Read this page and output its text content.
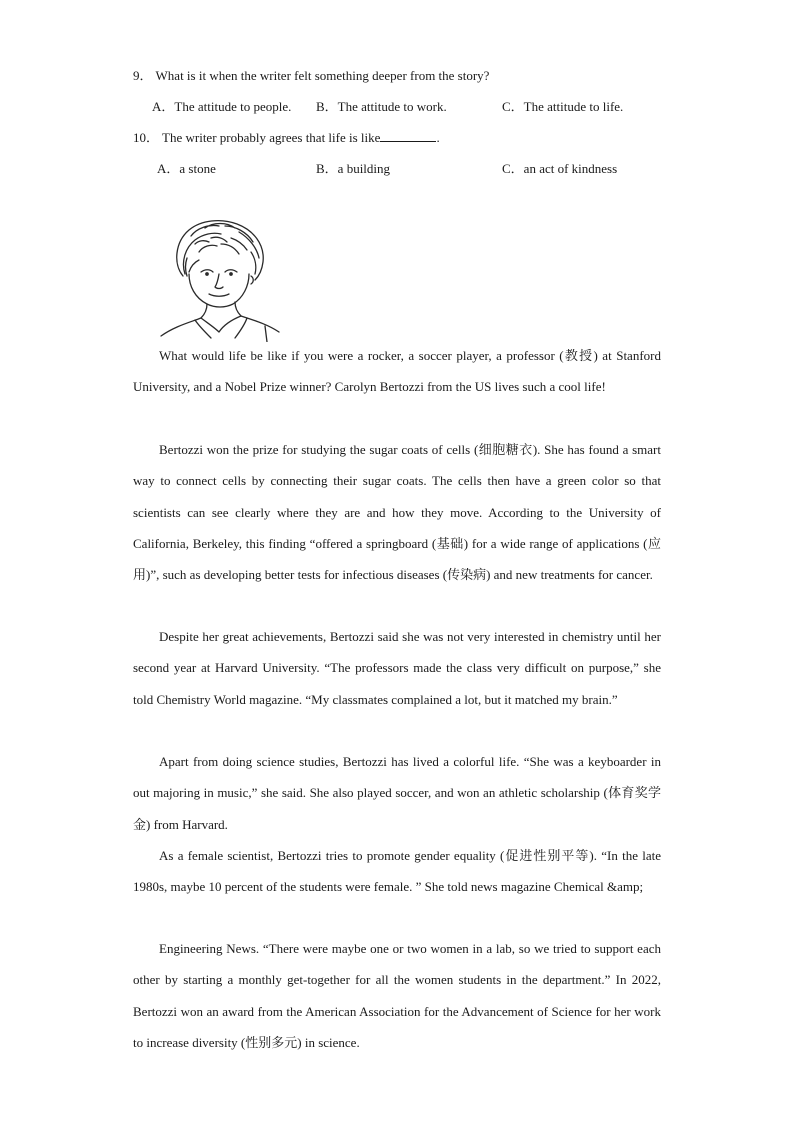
9． What is it when the writer felt something deeper from the story?
A．The attitude to people. B．The attitude to work.	C．The attitude to life.
10． The writer probably agrees that life is like	.
A．a stone	B．a building	C．an act of kindness

What would life be like if you were a rocker, a soccer player, a professor (教授) at Stanford University, and a Nobel Prize winner? Carolyn Bertozzi from the US lives such a cool life!

Bertozzi won the prize for studying the sugar coats of cells (细胞糖衣). She has found a smart way to connect cells by connecting their sugar coats. The cells then have a green color so that scientists can see clearly where they are and how they move. According to the University of California, Berkeley, this finding “offered a springboard (基础) for a wide range of applications (应用)”, such as developing better tests for infectious diseases (传染病) and new treatments for cancer.

Despite her great achievements, Bertozzi said she was not very interested in chemistry until her second year at Harvard University. “The professors made the class very difficult on purpose,” she told Chemistry World magazine. “My classmates complained a lot, but it matched my brain.”

Apart from doing science studies, Bertozzi has lived a colorful life. “She was a keyboarder in out majoring in music,” she said. She also played soccer, and won an athletic scholarship (体育奖学金) from Harvard.

As a female scientist, Bertozzi tries to promote gender equality (促进性别平等). “In the late 1980s, maybe 10 percent of the students were female. ” She told news magazine Chemical &amp;

Engineering News. “There were maybe one or two women in a lab, so we tried to support each other by starting a monthly get-together for all the women students in the department.” In 2022, Bertozzi won an award from the American Association for the Advancement of Science for her work to increase diversity (性别多元) in science.
